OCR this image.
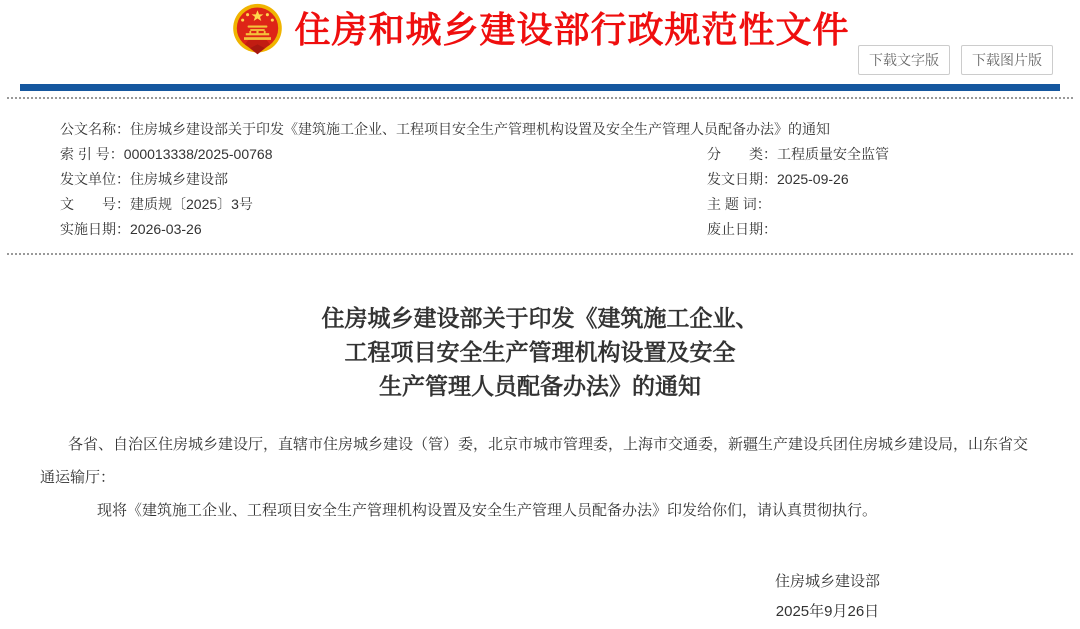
住房和城乡建设部行政规范性文件
下载文字版	下载图片版
公文名称：住房城乡建设部关于印发《建筑施工企业、工程项目安全生产管理机构设置及安全生产管理人员配备办法》的通知
索 引 号：000013338/2025-00768	分　　类：工程质量安全监管
发文单位：住房城乡建设部	发文日期：2025-09-26
文　　号：建质规〔2025〕3号	主 题 词：
实施日期：2026-03-26	废止日期：
住房城乡建设部关于印发《建筑施工企业、
工程项目安全生产管理机构设置及安全
生产管理人员配备办法》的通知

各省、自治区住房城乡建设厅，直辖市住房城乡建设（管）委，北京市城市管理委，上海市交通委，新疆生产建设兵团住房城乡建设局，山东省交通运输厅：

现将《建筑施工企业、工程项目安全生产管理机构设置及安全生产管理人员配备办法》印发给你们，请认真贯彻执行。

住房城乡建设部
2025年9月26日
